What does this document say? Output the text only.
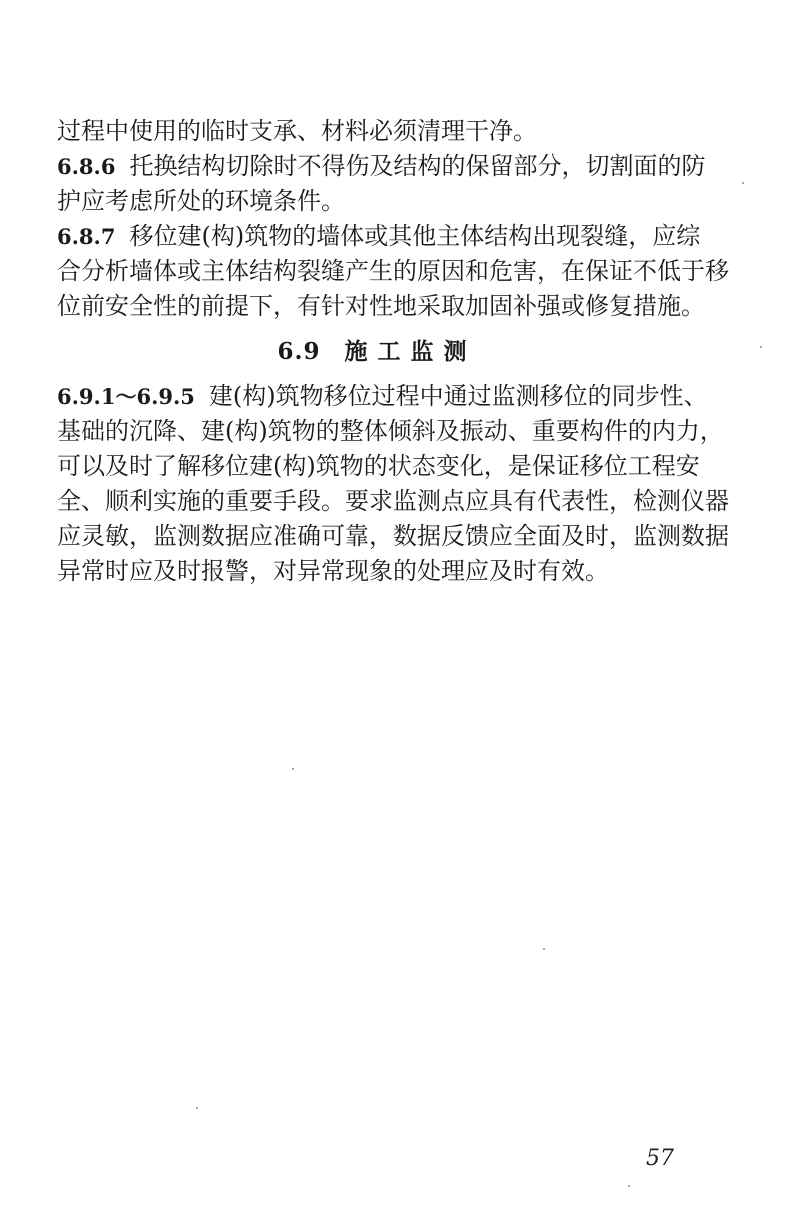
过程中使用的临时支承、材料必须清理干净。
6.8.6 托换结构切除时不得伤及结构的保留部分，切割面的防
护应考虑所处的环境条件。
6.8.7 移位建(构)筑物的墙体或其他主体结构出现裂缝，应综
合分析墙体或主体结构裂缝产生的原因和危害，在保证不低于移
位前安全性的前提下，有针对性地采取加固补强或修复措施。
6.9 施工监测
6.9.1～6.9.5 建(构)筑物移位过程中通过监测移位的同步性、
基础的沉降、建(构)筑物的整体倾斜及振动、重要构件的内力，
可以及时了解移位建(构)筑物的状态变化，是保证移位工程安
全、顺利实施的重要手段。要求监测点应具有代表性，检测仪器
应灵敏，监测数据应准确可靠，数据反馈应全面及时，监测数据
异常时应及时报警，对异常现象的处理应及时有效。
57
